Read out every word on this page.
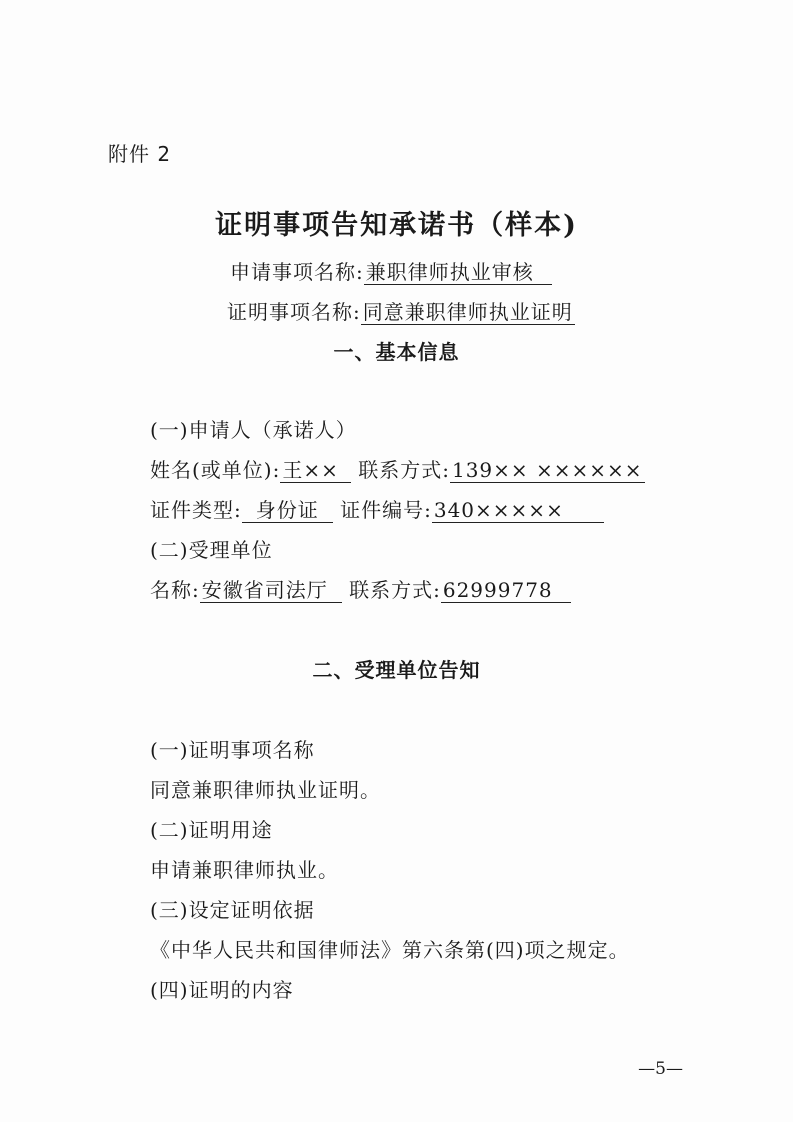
附件 2
证明事项告知承诺书（样本)
申请事项名称: 兼职律师执业审核
证明事项名称: 同意兼职律师执业证明
一、基本信息
(一)申请人（承诺人）
姓名(或单位): 王×× 联系方式: 139×× ××××××
证件类型: 身份证 证件编号: 340×××××
(二)受理单位
名称: 安徽省司法厅 联系方式: 62999778
二、受理单位告知
(一)证明事项名称
同意兼职律师执业证明。
(二)证明用途
申请兼职律师执业。
(三)设定证明依据
《中华人民共和国律师法》第六条第(四)项之规定。
(四)证明的内容
—5—
